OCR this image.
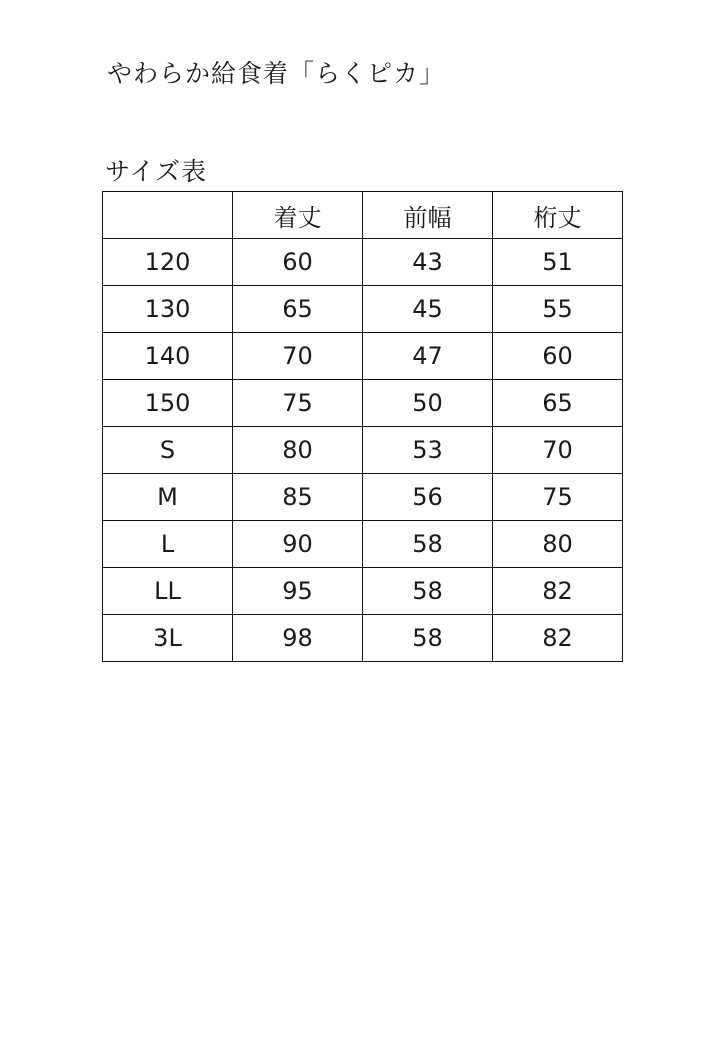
やわらか給食着「らくピカ」
サイズ表
	着丈	前幅	桁丈
120	60	43	51
130	65	45	55
140	70	47	60
150	75	50	65
S	80	53	70
M	85	56	75
L	90	58	80
LL	95	58	82
3L	98	58	82
